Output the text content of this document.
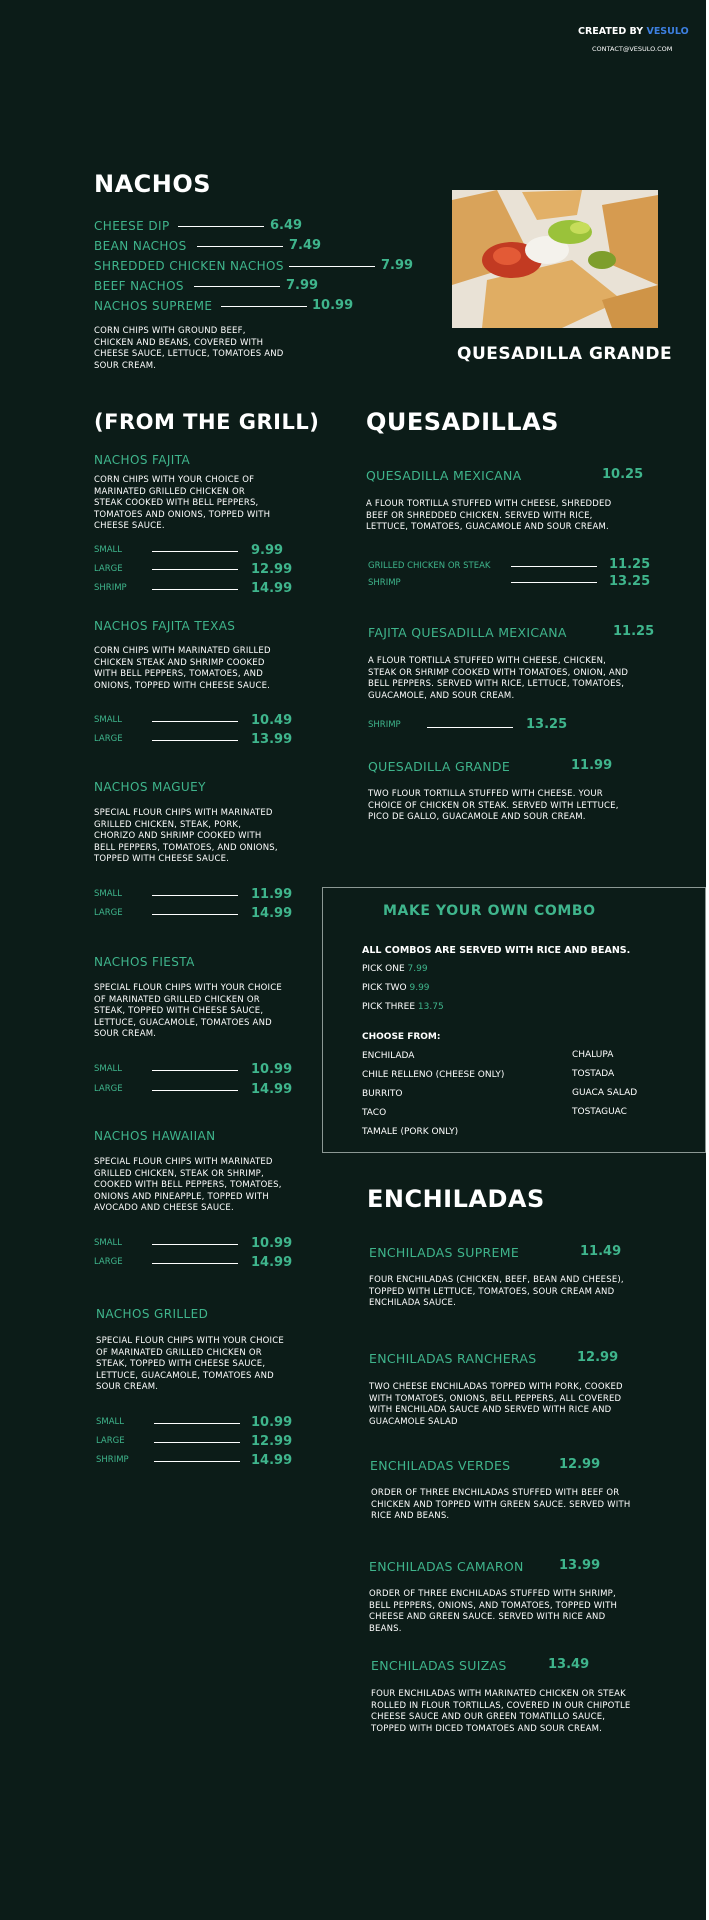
CREATED BY VESULO
CONTACT@VESULO.COM
NACHOS
CHEESE DIP	6.49
BEAN NACHOS	7.49
SHREDDED CHICKEN NACHOS	7.99
BEEF NACHOS	7.99
NACHOS SUPREME	10.99
CORN CHIPS WITH GROUND BEEF, CHICKEN AND BEANS, COVERED WITH CHEESE SAUCE, LETTUCE, TOMATOES AND SOUR CREAM.
QUESADILLA GRANDE
(FROM THE GRILL)
NACHOS FAJITA
CORN CHIPS WITH YOUR CHOICE OF MARINATED GRILLED CHICKEN OR STEAK COOKED WITH BELL PEPPERS, TOMATOES AND ONIONS, TOPPED WITH CHEESE SAUCE.
SMALL	9.99
LARGE	12.99
SHRIMP	14.99
NACHOS FAJITA TEXAS
CORN CHIPS WITH MARINATED GRILLED CHICKEN STEAK AND SHRIMP COOKED WITH BELL PEPPERS, TOMATOES, AND ONIONS, TOPPED WITH CHEESE SAUCE.
SMALL	10.49
LARGE	13.99
NACHOS MAGUEY
SPECIAL FLOUR CHIPS WITH MARINATED GRILLED CHICKEN, STEAK, PORK, CHORIZO AND SHRIMP COOKED WITH BELL PEPPERS, TOMATOES, AND ONIONS, TOPPED WITH CHEESE SAUCE.
SMALL	11.99
LARGE	14.99
NACHOS FIESTA
SPECIAL FLOUR CHIPS WITH YOUR CHOICE OF MARINATED GRILLED CHICKEN OR STEAK, TOPPED WITH CHEESE SAUCE, LETTUCE, GUACAMOLE, TOMATOES AND SOUR CREAM.
SMALL	10.99
LARGE	14.99
NACHOS HAWAIIAN
SPECIAL FLOUR CHIPS WITH MARINATED GRILLED CHICKEN, STEAK OR SHRIMP, COOKED WITH BELL PEPPERS, TOMATOES, ONIONS AND PINEAPPLE, TOPPED WITH AVOCADO AND CHEESE SAUCE.
SMALL	10.99
LARGE	14.99
NACHOS GRILLED
SPECIAL FLOUR CHIPS WITH YOUR CHOICE OF MARINATED GRILLED CHICKEN OR STEAK, TOPPED WITH CHEESE SAUCE, LETTUCE, GUACAMOLE, TOMATOES AND SOUR CREAM.
SMALL	10.99
LARGE	12.99
SHRIMP	14.99
QUESADILLAS
QUESADILLA MEXICANA	10.25
A FLOUR TORTILLA STUFFED WITH CHEESE, SHREDDED BEEF OR SHREDDED CHICKEN. SERVED WITH RICE, LETTUCE, TOMATOES, GUACAMOLE AND SOUR CREAM.
GRILLED CHICKEN OR STEAK	11.25
SHRIMP	13.25
FAJITA QUESADILLA MEXICANA	11.25
A FLOUR TORTILLA STUFFED WITH CHEESE, CHICKEN, STEAK OR SHRIMP COOKED WITH TOMATOES, ONION, AND BELL PEPPERS. SERVED WITH RICE, LETTUCE, TOMATOES, GUACAMOLE, AND SOUR CREAM.
SHRIMP	13.25
QUESADILLA GRANDE	11.99
TWO FLOUR TORTILLA STUFFED WITH CHEESE. YOUR CHOICE OF CHICKEN OR STEAK. SERVED WITH LETTUCE, PICO DE GALLO, GUACAMOLE AND SOUR CREAM.
MAKE YOUR OWN COMBO
ALL COMBOS ARE SERVED WITH RICE AND BEANS.
PICK ONE 7.99
PICK TWO 9.99
PICK THREE 13.75
CHOOSE FROM:
ENCHILADA
CHILE RELLENO (CHEESE ONLY)
BURRITO
TACO
TAMALE (PORK ONLY)
CHALUPA
TOSTADA
GUACA SALAD
TOSTAGUAC
ENCHILADAS
ENCHILADAS SUPREME	11.49
FOUR ENCHILADAS (CHICKEN, BEEF, BEAN AND CHEESE), TOPPED WITH LETTUCE, TOMATOES, SOUR CREAM AND ENCHILADA SAUCE.
ENCHILADAS RANCHERAS	12.99
TWO CHEESE ENCHILADAS TOPPED WITH PORK, COOKED WITH TOMATOES, ONIONS, BELL PEPPERS, ALL COVERED WITH ENCHILADA SAUCE AND SERVED WITH RICE AND GUACAMOLE SALAD
ENCHILADAS VERDES	12.99
ORDER OF THREE ENCHILADAS STUFFED WITH BEEF OR CHICKEN AND TOPPED WITH GREEN SAUCE. SERVED WITH RICE AND BEANS.
ENCHILADAS CAMARON	13.99
ORDER OF THREE ENCHILADAS STUFFED WITH SHRIMP, BELL PEPPERS, ONIONS, AND TOMATOES, TOPPED WITH CHEESE AND GREEN SAUCE. SERVED WITH RICE AND BEANS.
ENCHILADAS SUIZAS	13.49
FOUR ENCHILADAS WITH MARINATED CHICKEN OR STEAK ROLLED IN FLOUR TORTILLAS, COVERED IN OUR CHIPOTLE CHEESE SAUCE AND OUR GREEN TOMATILLO SAUCE, TOPPED WITH DICED TOMATOES AND SOUR CREAM.
